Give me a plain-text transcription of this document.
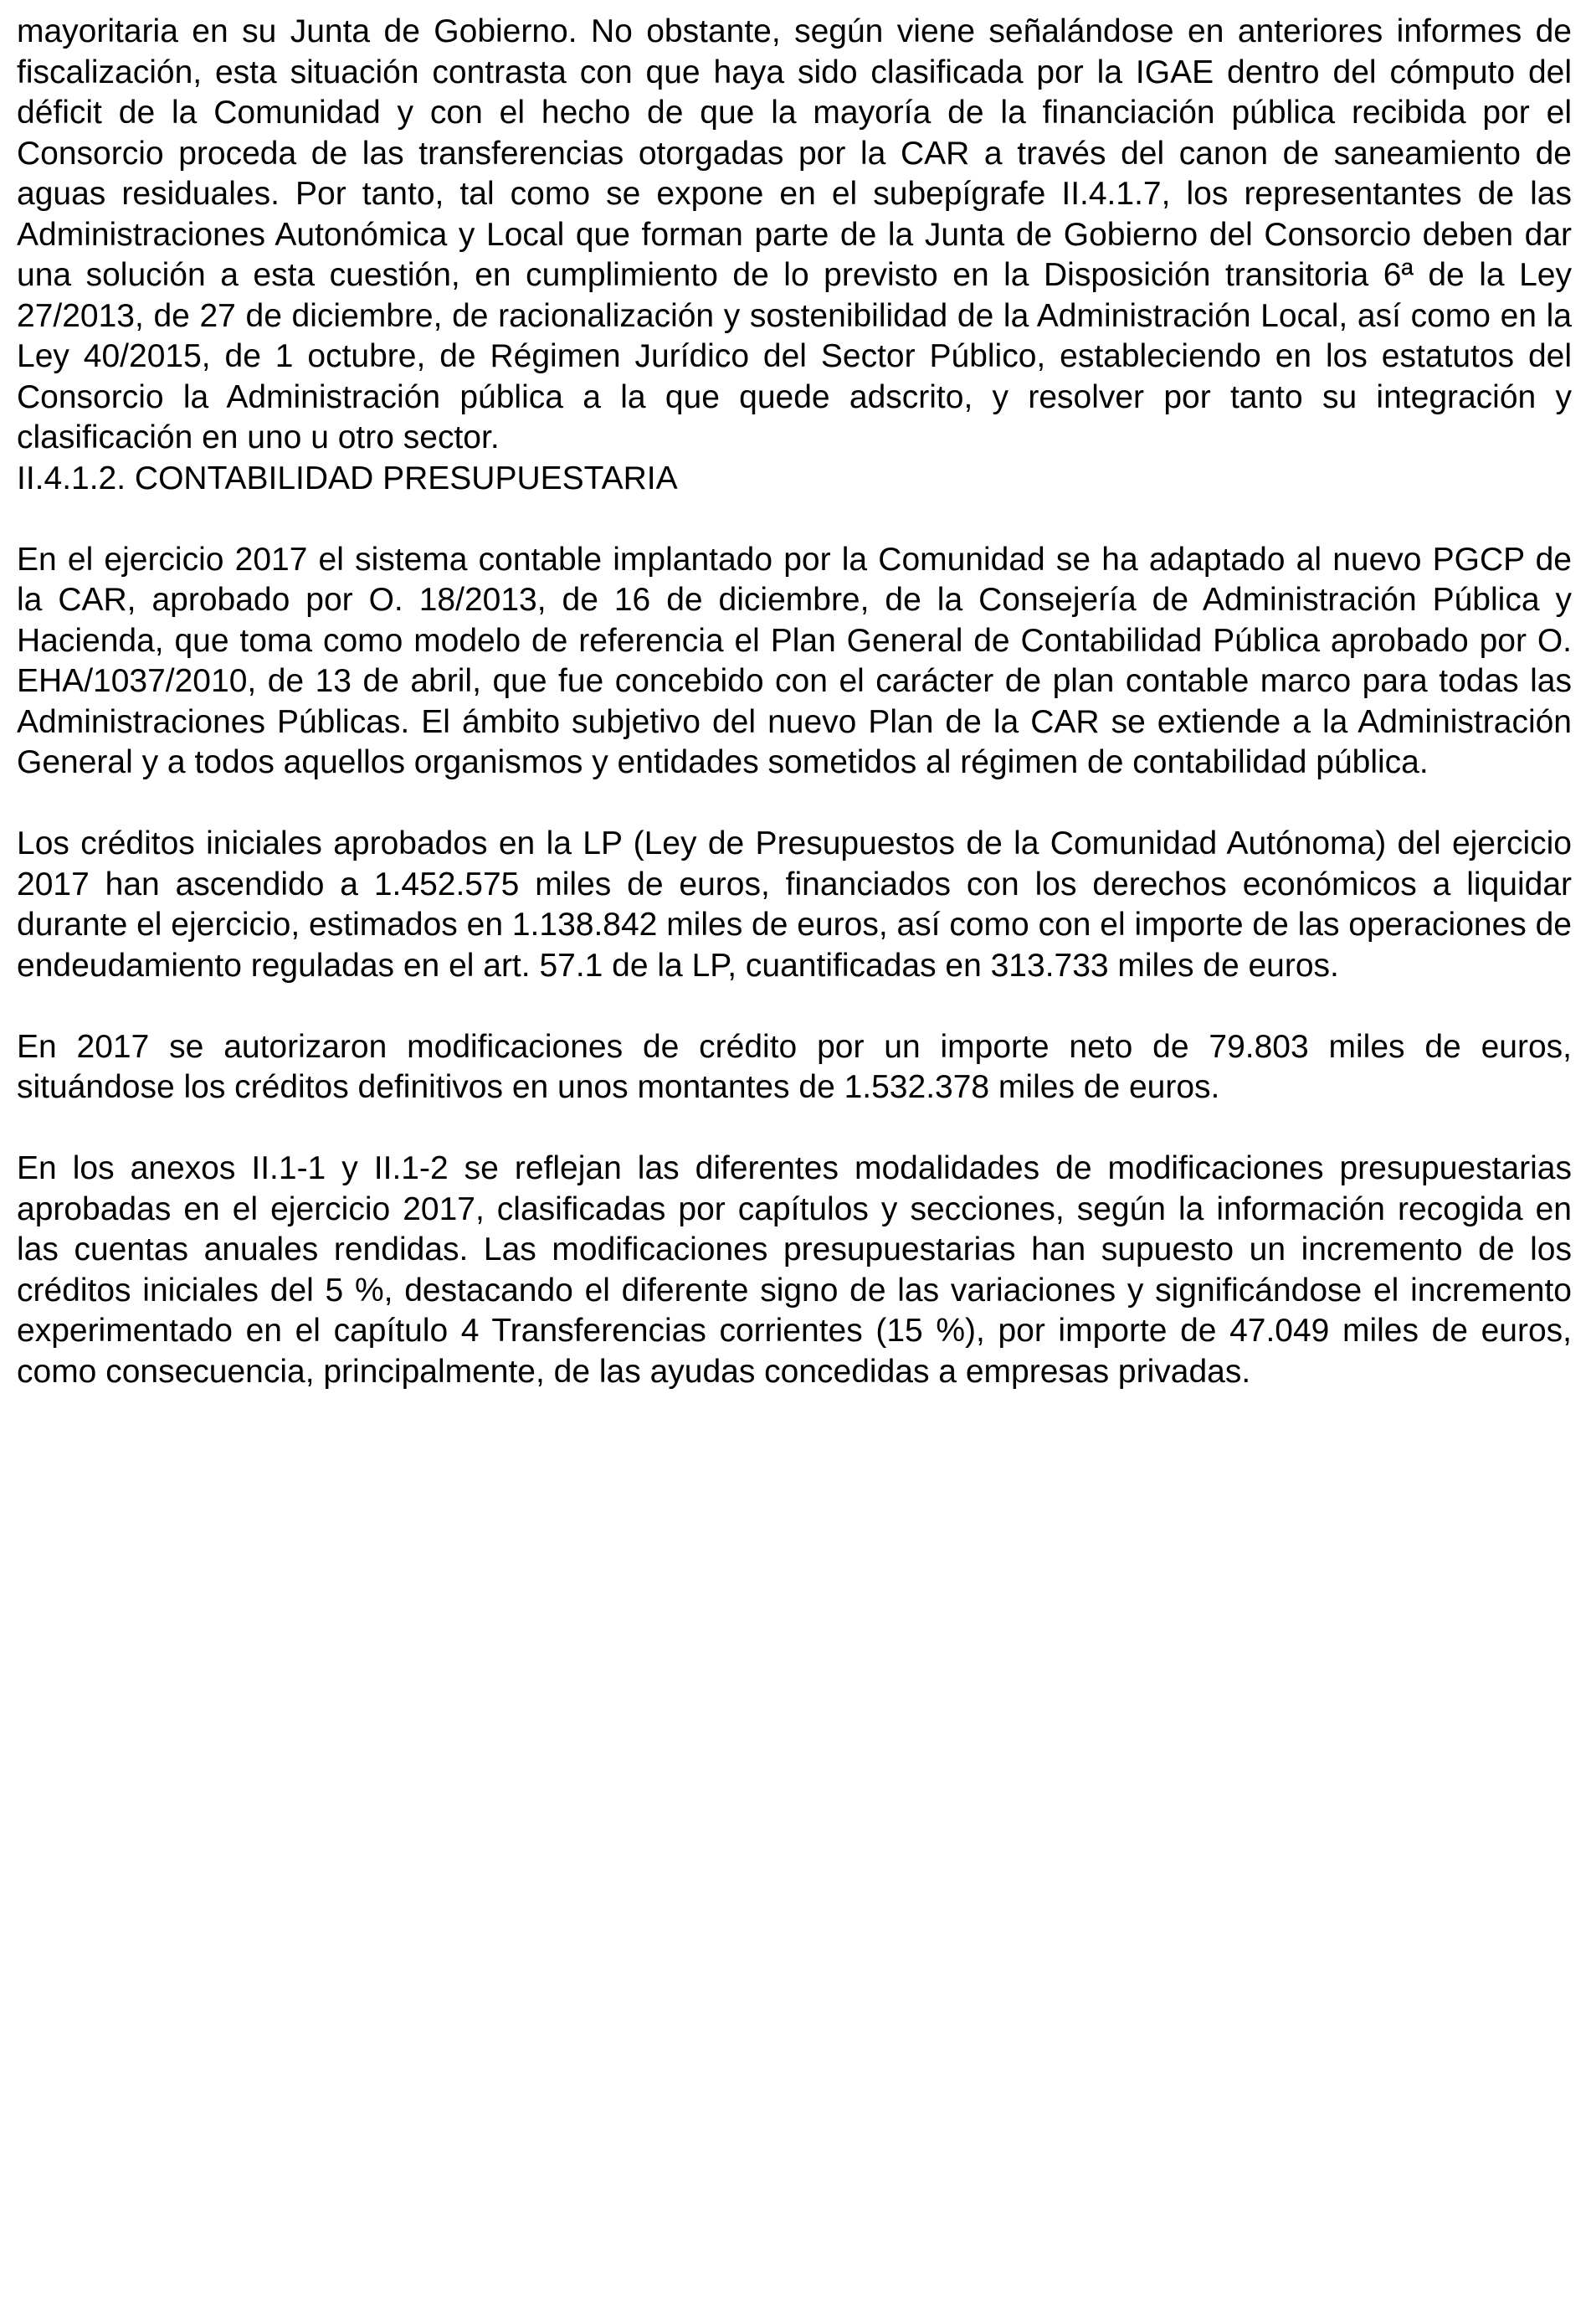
mayoritaria en su Junta de Gobierno. No obstante, según viene señalándose en anteriores informes de fiscalización, esta situación contrasta con que haya sido clasificada por la IGAE dentro del cómputo del déficit de la Comunidad y con el hecho de que la mayoría de la financiación pública recibida por el Consorcio proceda de las transferencias otorgadas por la CAR a través del canon de saneamiento de aguas residuales. Por tanto, tal como se expone en el subepígrafe II.4.1.7, los representantes de las Administraciones Autonómica y Local que forman parte de la Junta de Gobierno del Consorcio deben dar una solución a esta cuestión, en cumplimiento de lo previsto en la Disposición transitoria 6ª de la Ley 27/2013, de 27 de diciembre, de racionalización y sostenibilidad de la Administración Local, así como en la Ley 40/2015, de 1 octubre, de Régimen Jurídico del Sector Público, estableciendo en los estatutos del Consorcio la Administración pública a la que quede adscrito, y resolver por tanto su integración y clasificación en uno u otro sector.

II.4.1.2. CONTABILIDAD PRESUPUESTARIA

En el ejercicio 2017 el sistema contable implantado por la Comunidad se ha adaptado al nuevo PGCP de la CAR, aprobado por O. 18/2013, de 16 de diciembre, de la Consejería de Administración Pública y Hacienda, que toma como modelo de referencia el Plan General de Contabilidad Pública aprobado por O. EHA/1037/2010, de 13 de abril, que fue concebido con el carácter de plan contable marco para todas las Administraciones Públicas. El ámbito subjetivo del nuevo Plan de la CAR se extiende a la Administración General y a todos aquellos organismos y entidades sometidos al régimen de contabilidad pública.

Los créditos iniciales aprobados en la LP (Ley de Presupuestos de la Comunidad Autónoma) del ejercicio 2017 han ascendido a 1.452.575 miles de euros, financiados con los derechos económicos a liquidar durante el ejercicio, estimados en 1.138.842 miles de euros, así como con el importe de las operaciones de endeudamiento reguladas en el art. 57.1 de la LP, cuantificadas en 313.733 miles de euros.

En 2017 se autorizaron modificaciones de crédito por un importe neto de 79.803 miles de euros, situándose los créditos definitivos en unos montantes de 1.532.378 miles de euros.

En los anexos II.1-1 y II.1-2 se reflejan las diferentes modalidades de modificaciones presupuestarias aprobadas en el ejercicio 2017, clasificadas por capítulos y secciones, según la información recogida en las cuentas anuales rendidas. Las modificaciones presupuestarias han supuesto un incremento de los créditos iniciales del 5 %, destacando el diferente signo de las variaciones y significándose el incremento experimentado en el capítulo 4 Transferencias corrientes (15 %), por importe de 47.049 miles de euros, como consecuencia, principalmente, de las ayudas concedidas a empresas privadas.
